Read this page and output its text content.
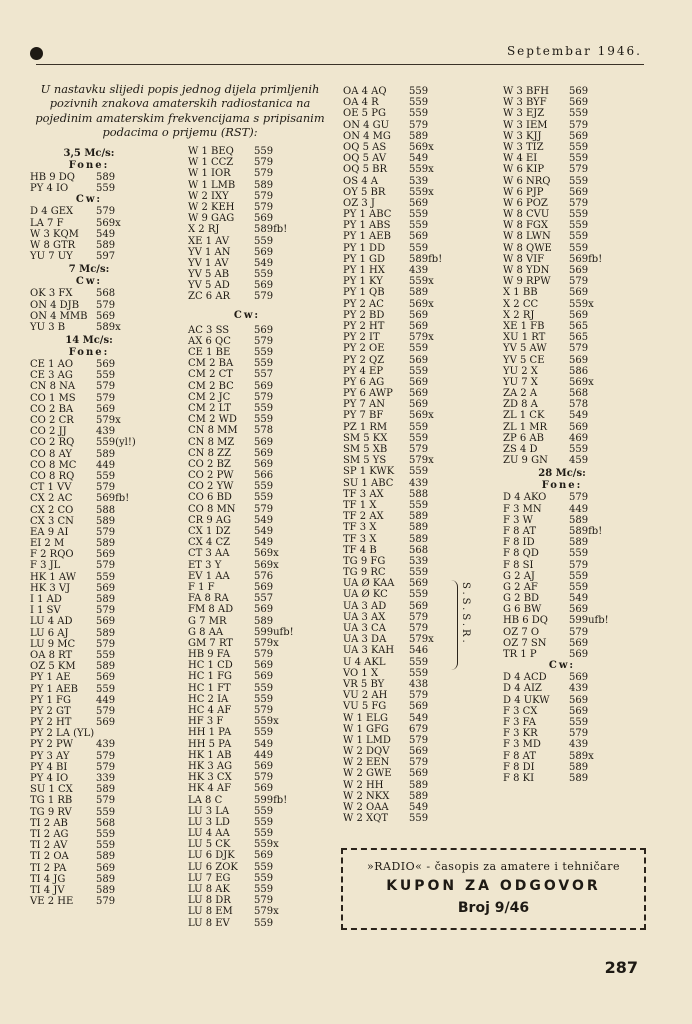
Septembar 1946.
U nastavku slijedi popis jednog dijela primljenih pozivnih znakova amaterskih radiostanica na pojedinim amaterskim frekvencijama s pripisanim podacima o prijemu (RST):
3,5 Mc/s:
Fone:
HB 9 DQ	589
PY 4 IO	559
Cw:
D 4 GEX	579
LA 7 F	569x
W 3 KQM	549
W 8 GTR	589
YU 7 UY	597
7 Mc/s:
Cw:
OK 3 FX	568
ON 4 DJB	579
ON 4 MMB 569
YU 3 B	589x
14 Mc/s:
Fone:
CE 1 AO	569
CE 3 AG	559
CN 8 NA	579
CO 1 MS	579
CO 2 BA	569
CO 2 CR	579x
CO 2 JJ	439
CO 2 RQ	559(yl!)
CO 8 AY	589
CO 8 MC	449
CO 8 RQ	559
CT 1 VV	579
CX 2 AC	569fb!
CX 2 CO	588
CX 3 CN	589
EA 9 AI	579
EI 2 M	589
F 2 RQO	569
F 3 JL	579
HK 1 AW	559
HK 3 VJ	569
I 1 AD	589
I 1 SV	579
LU 4 AD	569
LU 6 AJ	589
LU 9 MC	579
OA 8 RT	559
OZ 5 KM	589
PY 1 AE	569
PY 1 AEB	559
PY 1 FG	449
PY 2 GT	579
PY 2 HT	569
PY 2 LA (YL)
PY 2 PW	439
PY 3 AY	579
PY 4 BI	579
PY 4 IO	339
SU 1 CX	589
TG 1 RB	579
TG 9 RV	559
TI 2 AB	568
TI 2 AG	559
TI 2 AV	559
TI 2 OA	589
TI 2 PA	569
TI 4 JG	589
TI 4 JV	589
VE 2 HE	579
W 1 BEQ	559
W 1 CCZ	579
W 1 IOR	579
W 1 LMB	589
W 2 IXY	579
W 2 KEH	579
W 9 GAG	569
X 2 RJ	589fb!
XE 1 AV	559
YV 1 AN	569
YV 1 AV	549
YV 5 AB	559
YV 5 AD	569
ZC 6 AR	579
Cw:
AC 3 SS	569
AX 6 QC	579
CE 1 BE	559
CM 2 BA	559
CM 2 CT	557
CM 2 BC	569
CM 2 JC	579
CM 2 LT	559
CM 2 WD	559
CN 8 MM	578
CN 8 MZ	569
CN 8 ZZ	569
CO 2 BZ	569
CO 2 PW	566
CO 2 YW	559
CO 6 BD	559
CO 8 MN	579
CR 9 AG	549
CX 1 DZ	549
CX 4 CZ	549
CT 3 AA	569x
ET 3 Y	569x
EV 1 AA	576
F 1 F	569
FA 8 RA	557
FM 8 AD	569
G 7 MR	589
G 8 AA	599ufb!
GM 7 RT	579x
HB 9 FA	579
HC 1 CD	569
HC 1 FG	569
HC 1 FT	559
HC 2 IA	559
HC 4 AF	579
HF 3 F	559x
HH 1 PA	559
HH 5 PA	549
HK 1 AB	449
HK 3 AG	569
HK 3 CX	579
HK 4 AF	569
LA 8 C	599fb!
LU 3 LA	559
LU 3 LD	559
LU 4 AA	559
LU 5 CK	559x
LU 6 DJK	569
LU 6 ZOK	559
LU 7 EG	559
LU 8 AK	559
LU 8 DR	579
LU 8 EM	579x
LU 8 EV	559
OA 4 AQ	559
OA 4 R	559
OE 5 PG	559
ON 4 GU	579
ON 4 MG	589
OQ 5 AS	569x
OQ 5 AV	549
OQ 5 BR	559x
OS 4 A	539
OY 5 BR	559x
OZ 3 J	569
PY 1 ABC	559
PY 1 ABS	559
PY 1 AEB	569
PY 1 DD	559
PY 1 GD	589fb!
PY 1 HX	439
PY 1 KY	559x
PY 1 QB	589
PY 2 AC	569x
PY 2 BD	569
PY 2 HT	569
PY 2 IT	579x
PY 2 OE	559
PY 2 QZ	569
PY 4 EP	559
PY 6 AG	569
PY 6 AWP	569
PY 7 AN	569
PY 7 BF	569x
PZ 1 RM	559
SM 5 KX	559
SM 5 XB	579
SM 5 YS	579x
SP 1 KWK	559
SU 1 ABC	439
TF 3 AX	588
TF 1 X	559
TF 2 AX	589
TF 3 X	589
TF 3 X	589
TF 4 B	568
TG 9 FG	539
TG 9 RC	559
UA Ø KAA	569
UA Ø KC	559
UA 3 AD	569
UA 3 AX	579
UA 3 CA	579
UA 3 DA	579x
UA 3 KAH	546
U 4 AKL	559
VO 1 X	559
VR 5 BY	438
VU 2 AH	579
VU 5 FG	569
W 1 ELG	549
W 1 GFG	679
W 1 LMD	579
W 2 DQV	569
W 2 EEN	579
W 2 GWE	569
W 2 HH	589
W 2 NKX	589
W 2 OAA	549
W 2 XQT	559
W 3 BFH	569
W 3 BYF	569
W 3 EJZ	559
W 3 IEM	579
W 3 KJJ	569
W 3 TIZ	559
W 4 EI	559
W 6 KIP	579
W 6 NRQ	559
W 6 PJP	569
W 6 POZ	579
W 8 CVU	559
W 8 FGX	559
W 8 LWN	559
W 8 QWE	559
W 8 VIF	569fb!
W 8 YDN	569
W 9 RPW	579
X 1 BB	569
X 2 CC	559x
X 2 RJ	569
XE 1 FB	565
XU 1 RT	565
YV 5 AW	579
YV 5 CE	569
YU 2 X	586
YU 7 X	569x
ZA 2 A	568
ZD 8 A	578
ZL 1 CK	549
ZL 1 MR	569
ZP 6 AB	469
ZS 4 D	559
ZU 9 GN	459
28 Mc/s:
Fone:
D 4 AKO	579
F 3 MN	449
F 3 W	589
F 8 AT	589fb!
F 8 ID	589
F 8 QD	559
F 8 SI	579
G 2 AJ	559
G 2 AF	559
G 2 BD	549
G 6 BW	569
HB 6 DQ	599ufb!
OZ 7 O	579
OZ 7 SN	569
TR 1 P	569
Cw:
D 4 ACD	569
D 4 AIZ	439
D 4 UKW	569
F 3 CX	569
F 3 FA	559
F 3 KR	579
F 3 MD	439
F 8 AT	589x
F 8 DI	589
F 8 KI	589
S.S.S.R.
»RADIO« - časopis za amatere i tehničare
KUPON ZA ODGOVOR
Broj 9/46
287
